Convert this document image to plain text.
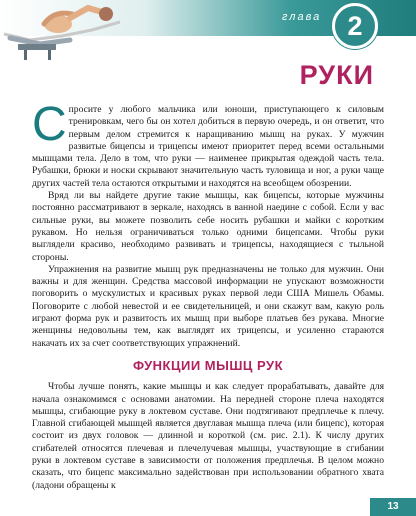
глава 2
РУКИ

Спросите у любого мальчика или юноши, приступающего к силовым тренировкам, чего бы он хотел добиться в первую очередь, и он ответит, что первым делом стремится к наращиванию мышц на руках. У мужчин развитые бицепсы и трицепсы имеют приоритет перед всеми остальными мышцами тела. Дело в том, что руки — наименее прикрытая одеждой часть тела. Рубашки, брюки и носки скрывают значительную часть туловища и ног, а руки чаще других частей тела остаются открытыми и находятся на всеобщем обозрении.

Вряд ли вы найдете другие такие мышцы, как бицепсы, которые мужчины постоянно рассматривают в зеркале, находясь в ванной наедине с собой. Если у вас сильные руки, вы можете позволить себе носить рубашки и майки с коротким рукавом. Но нельзя ограничиваться только одними бицепсами. Чтобы руки выглядели красиво, необходимо развивать и трицепсы, находящиеся с тыльной стороны.

Упражнения на развитие мышц рук предназначены не только для мужчин. Они важны и для женщин. Средства массовой информации не упускают возможности поговорить о мускулистых и красивых руках первой леди США Мишель Обамы. Поговорите с любой невестой и ее свидетельницей, и они скажут вам, какую роль играют форма рук и развитость их мышц при выборе платьев без рукава. Многие женщины недовольны тем, как выглядят их трицепсы, и усиленно стараются накачать их за счет соответствующих упражнений.

ФУНКЦИИ МЫШЦ РУК

Чтобы лучше понять, какие мышцы и как следует прорабатывать, давайте для начала ознакомимся с основами анатомии. На передней стороне плеча находятся мышцы, сгибающие руку в локтевом суставе. Они подтягивают предплечье к плечу. Главной сгибающей мышцей является двуглавая мышца плеча (или бицепс), которая состоит из двух головок — длинной и короткой (см. рис. 2.1). К числу других сгибателей относятся плечевая и плечелучевая мышцы, участвующие в сгибании руки в локтевом суставе в зависимости от положения предплечья. В целом можно сказать, что бицепс максимально задействован при использовании обратного хвата (ладони обращены к

13
